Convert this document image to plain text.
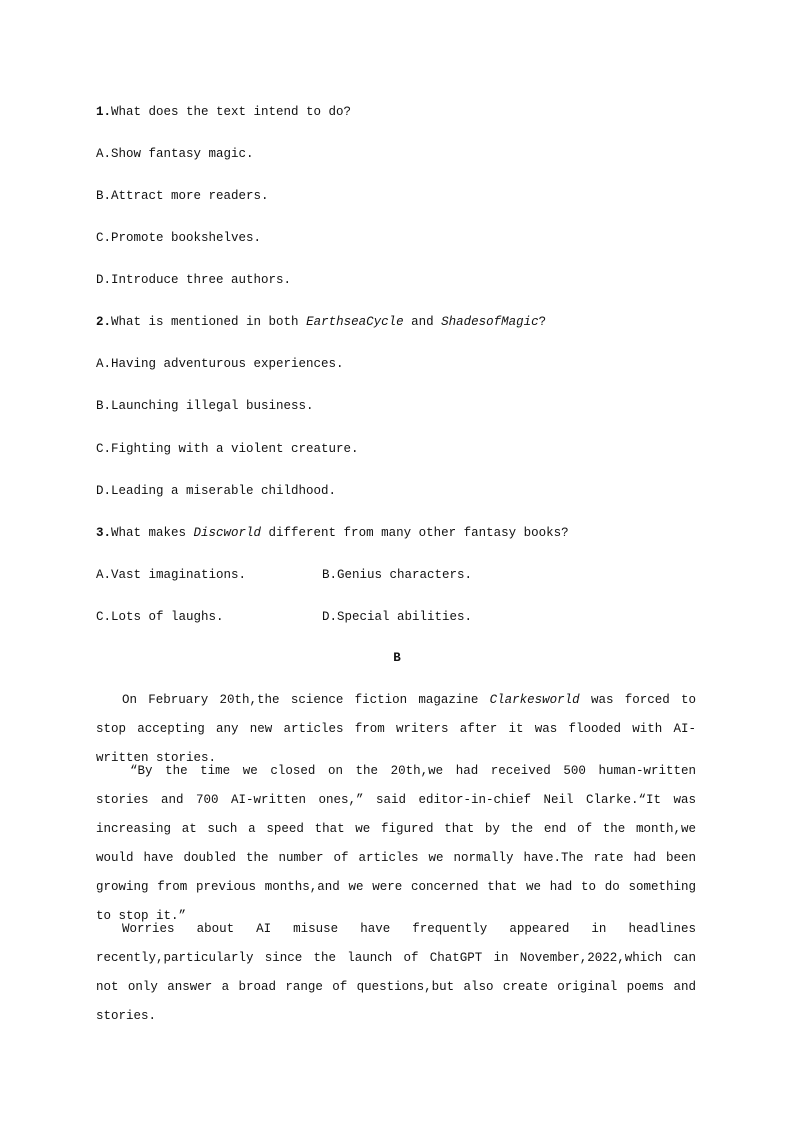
1.What does the text intend to do?
A.Show fantasy magic.
B.Attract more readers.
C.Promote bookshelves.
D.Introduce three authors.
2.What is mentioned in both EarthseaCycle and ShadesofMagic?
A.Having adventurous experiences.
B.Launching illegal business.
C.Fighting with a violent creature.
D.Leading a miserable childhood.
3.What makes Discworld different from many other fantasy books?
A.Vast imaginations.	B.Genius characters.
C.Lots of laughs.	D.Special abilities.
B
On February 20th,the science fiction magazine Clarkesworld was forced to stop accepting any new articles from writers after it was flooded with AI-written stories.
“By the time we closed on the 20th,we had received 500 human-written stories and 700 AI-written ones,” said editor-in-chief Neil Clarke.“It was increasing at such a speed that we figured that by the end of the month,we would have doubled the number of articles we normally have.The rate had been growing from previous months,and we were concerned that we had to do something to stop it.”
Worries about AI misuse have frequently appeared in headlines recently,particularly since the launch of ChatGPT in November,2022,which can not only answer a broad range of questions,but also create original poems and stories.
